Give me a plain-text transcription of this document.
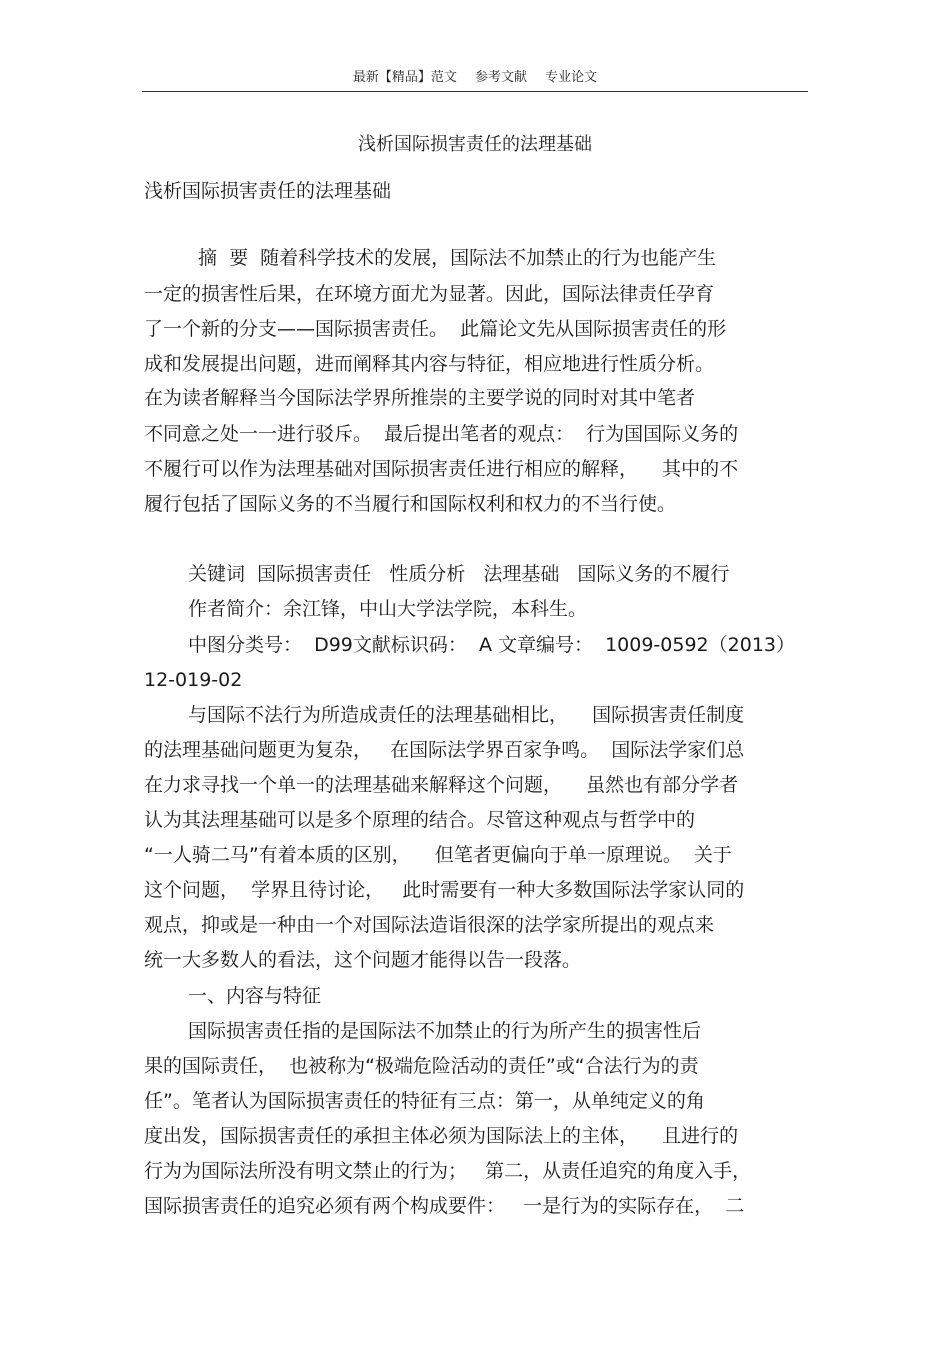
最新【精品】范文 参考文献 专业论文
浅析国际损害责任的法理基础
浅析国际损害责任的法理基础
摘  要  随着科学技术的发展，国际法不加禁止的行为也能产生
一定的损害性后果，在环境方面尤为显著。因此，国际法律责任孕育
了一个新的分支——国际损害责任。  此篇论文先从国际损害责任的形
成和发展提出问题，进而阐释其内容与特征，相应地进行性质分析。
在为读者解释当今国际法学界所推崇的主要学说的同时对其中笔者
不同意之处一一进行驳斥。  最后提出笔者的观点：  行为国国际义务的
不履行可以作为法理基础对国际损害责任进行相应的解释，    其中的不
履行包括了国际义务的不当履行和国际权利和权力的不当行使。
关键词  国际损害责任   性质分析   法理基础   国际义务的不履行
作者简介：余江锋，中山大学法学院，本科生。
中图分类号：  D99文献标识码：  A 文章编号：  1009-0592（2013）
12-019-02
与国际不法行为所造成责任的法理基础相比，    国际损害责任制度
的法理基础问题更为复杂，   在国际法学界百家争鸣。  国际法学家们总
在力求寻找一个单一的法理基础来解释这个问题，    虽然也有部分学者
认为其法理基础可以是多个原理的结合。尽管这种观点与哲学中的
“一人骑二马”有着本质的区别，    但笔者更偏向于单一原理说。  关于
这个问题，  学界且待讨论，   此时需要有一种大多数国际法学家认同的
观点，抑或是一种由一个对国际法造诣很深的法学家所提出的观点来
统一大多数人的看法，这个问题才能得以告一段落。
一、内容与特征
国际损害责任指的是国际法不加禁止的行为所产生的损害性后
果的国际责任，  也被称为“极端危险活动的责任”或“合法行为的责
任”。笔者认为国际损害责任的特征有三点：第一，从单纯定义的角
度出发，国际损害责任的承担主体必须为国际法上的主体，    且进行的
行为为国际法所没有明文禁止的行为；   第二，从责任追究的角度入手，
国际损害责任的追究必须有两个构成要件：   一是行为的实际存在，  二
